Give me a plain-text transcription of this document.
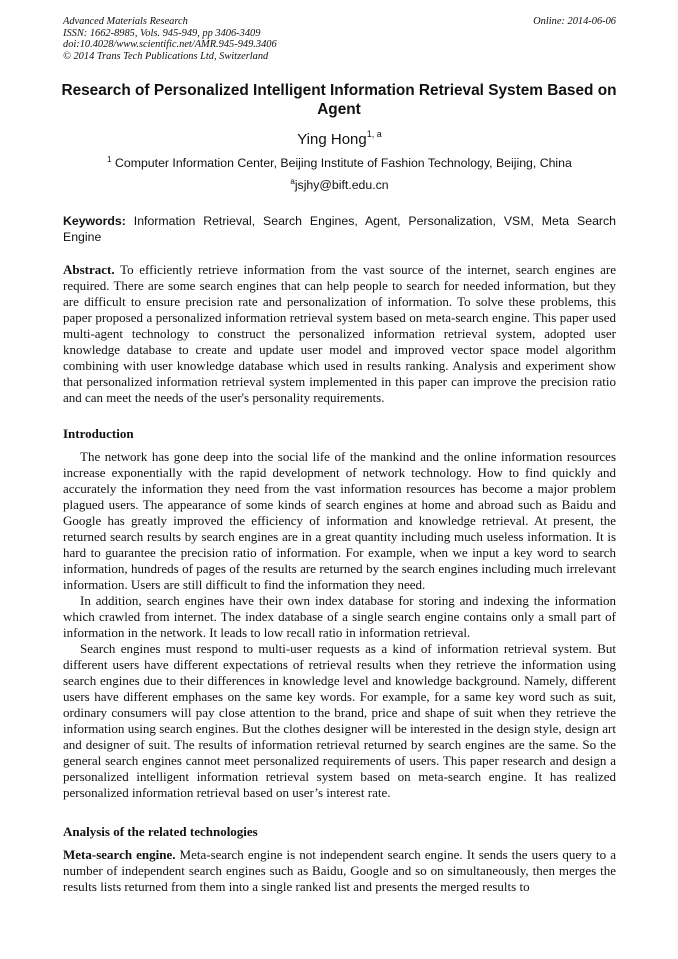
Advanced Materials Research
ISSN: 1662-8985, Vols. 945-949, pp 3406-3409
doi:10.4028/www.scientific.net/AMR.945-949.3406
© 2014 Trans Tech Publications Ltd, Switzerland
Online: 2014-06-06
Research of Personalized Intelligent Information Retrieval System Based on Agent
Ying Hong$^{1, a}$
$^1$ Computer Information Center, Beijing Institute of Fashion Technology, Beijing, China
$^a$jsjhy@bift.edu.cn
Keywords: Information Retrieval, Search Engines, Agent, Personalization, VSM, Meta Search Engine
Abstract. To efficiently retrieve information from the vast source of the internet, search engines are required. There are some search engines that can help people to search for needed information, but they are difficult to ensure precision rate and personalization of information. To solve these problems, this paper proposed a personalized information retrieval system based on meta-search engine. This paper used multi-agent technology to construct the personalized information retrieval system, adopted user knowledge database to create and update user model and improved vector space model algorithm combining with user knowledge database which used in results ranking. Analysis and experiment show that personalized information retrieval system implemented in this paper can improve the precision ratio and can meet the needs of the user's personality requirements.
Introduction

The network has gone deep into the social life of the mankind and the online information resources increase exponentially with the rapid development of network technology. How to find quickly and accurately the information they need from the vast information resources has become a major problem plagued users. The appearance of some kinds of search engines at home and abroad such as Baidu and Google has greatly improved the efficiency of information and knowledge retrieval. At present, the returned search results by search engines are in a great quantity including much useless information. It is hard to guarantee the precision ratio of information. For example, when we input a key word to search information, hundreds of pages of the results are returned by the search engines including much irrelevant information. Users are still difficult to find the information they need.

In addition, search engines have their own index database for storing and indexing the information which crawled from internet. The index database of a single search engine contains only a small part of information in the network. It leads to low recall ratio in information retrieval.

Search engines must respond to multi-user requests as a kind of information retrieval system. But different users have different expectations of retrieval results when they retrieve the information using search engines due to their differences in knowledge level and knowledge background. Namely, different users have different emphases on the same key words. For example, for a same key word such as suit, ordinary consumers will pay close attention to the brand, price and shape of suit when they retrieve the information using search engines. But the clothes designer will be interested in the design style, design art and designer of suit. The results of information retrieval returned by search engines are the same. So the general search engines cannot meet personalized requirements of users. This paper research and design a personalized intelligent information retrieval system based on meta-search engine. It has realized personalized information retrieval based on user’s interest rate.

Analysis of the related technologies
Meta-search engine. Meta-search engine is not independent search engine. It sends the users query to a number of independent search engines such as Baidu, Google and so on simultaneously, then merges the results lists returned from them into a single ranked list and presents the merged results to
